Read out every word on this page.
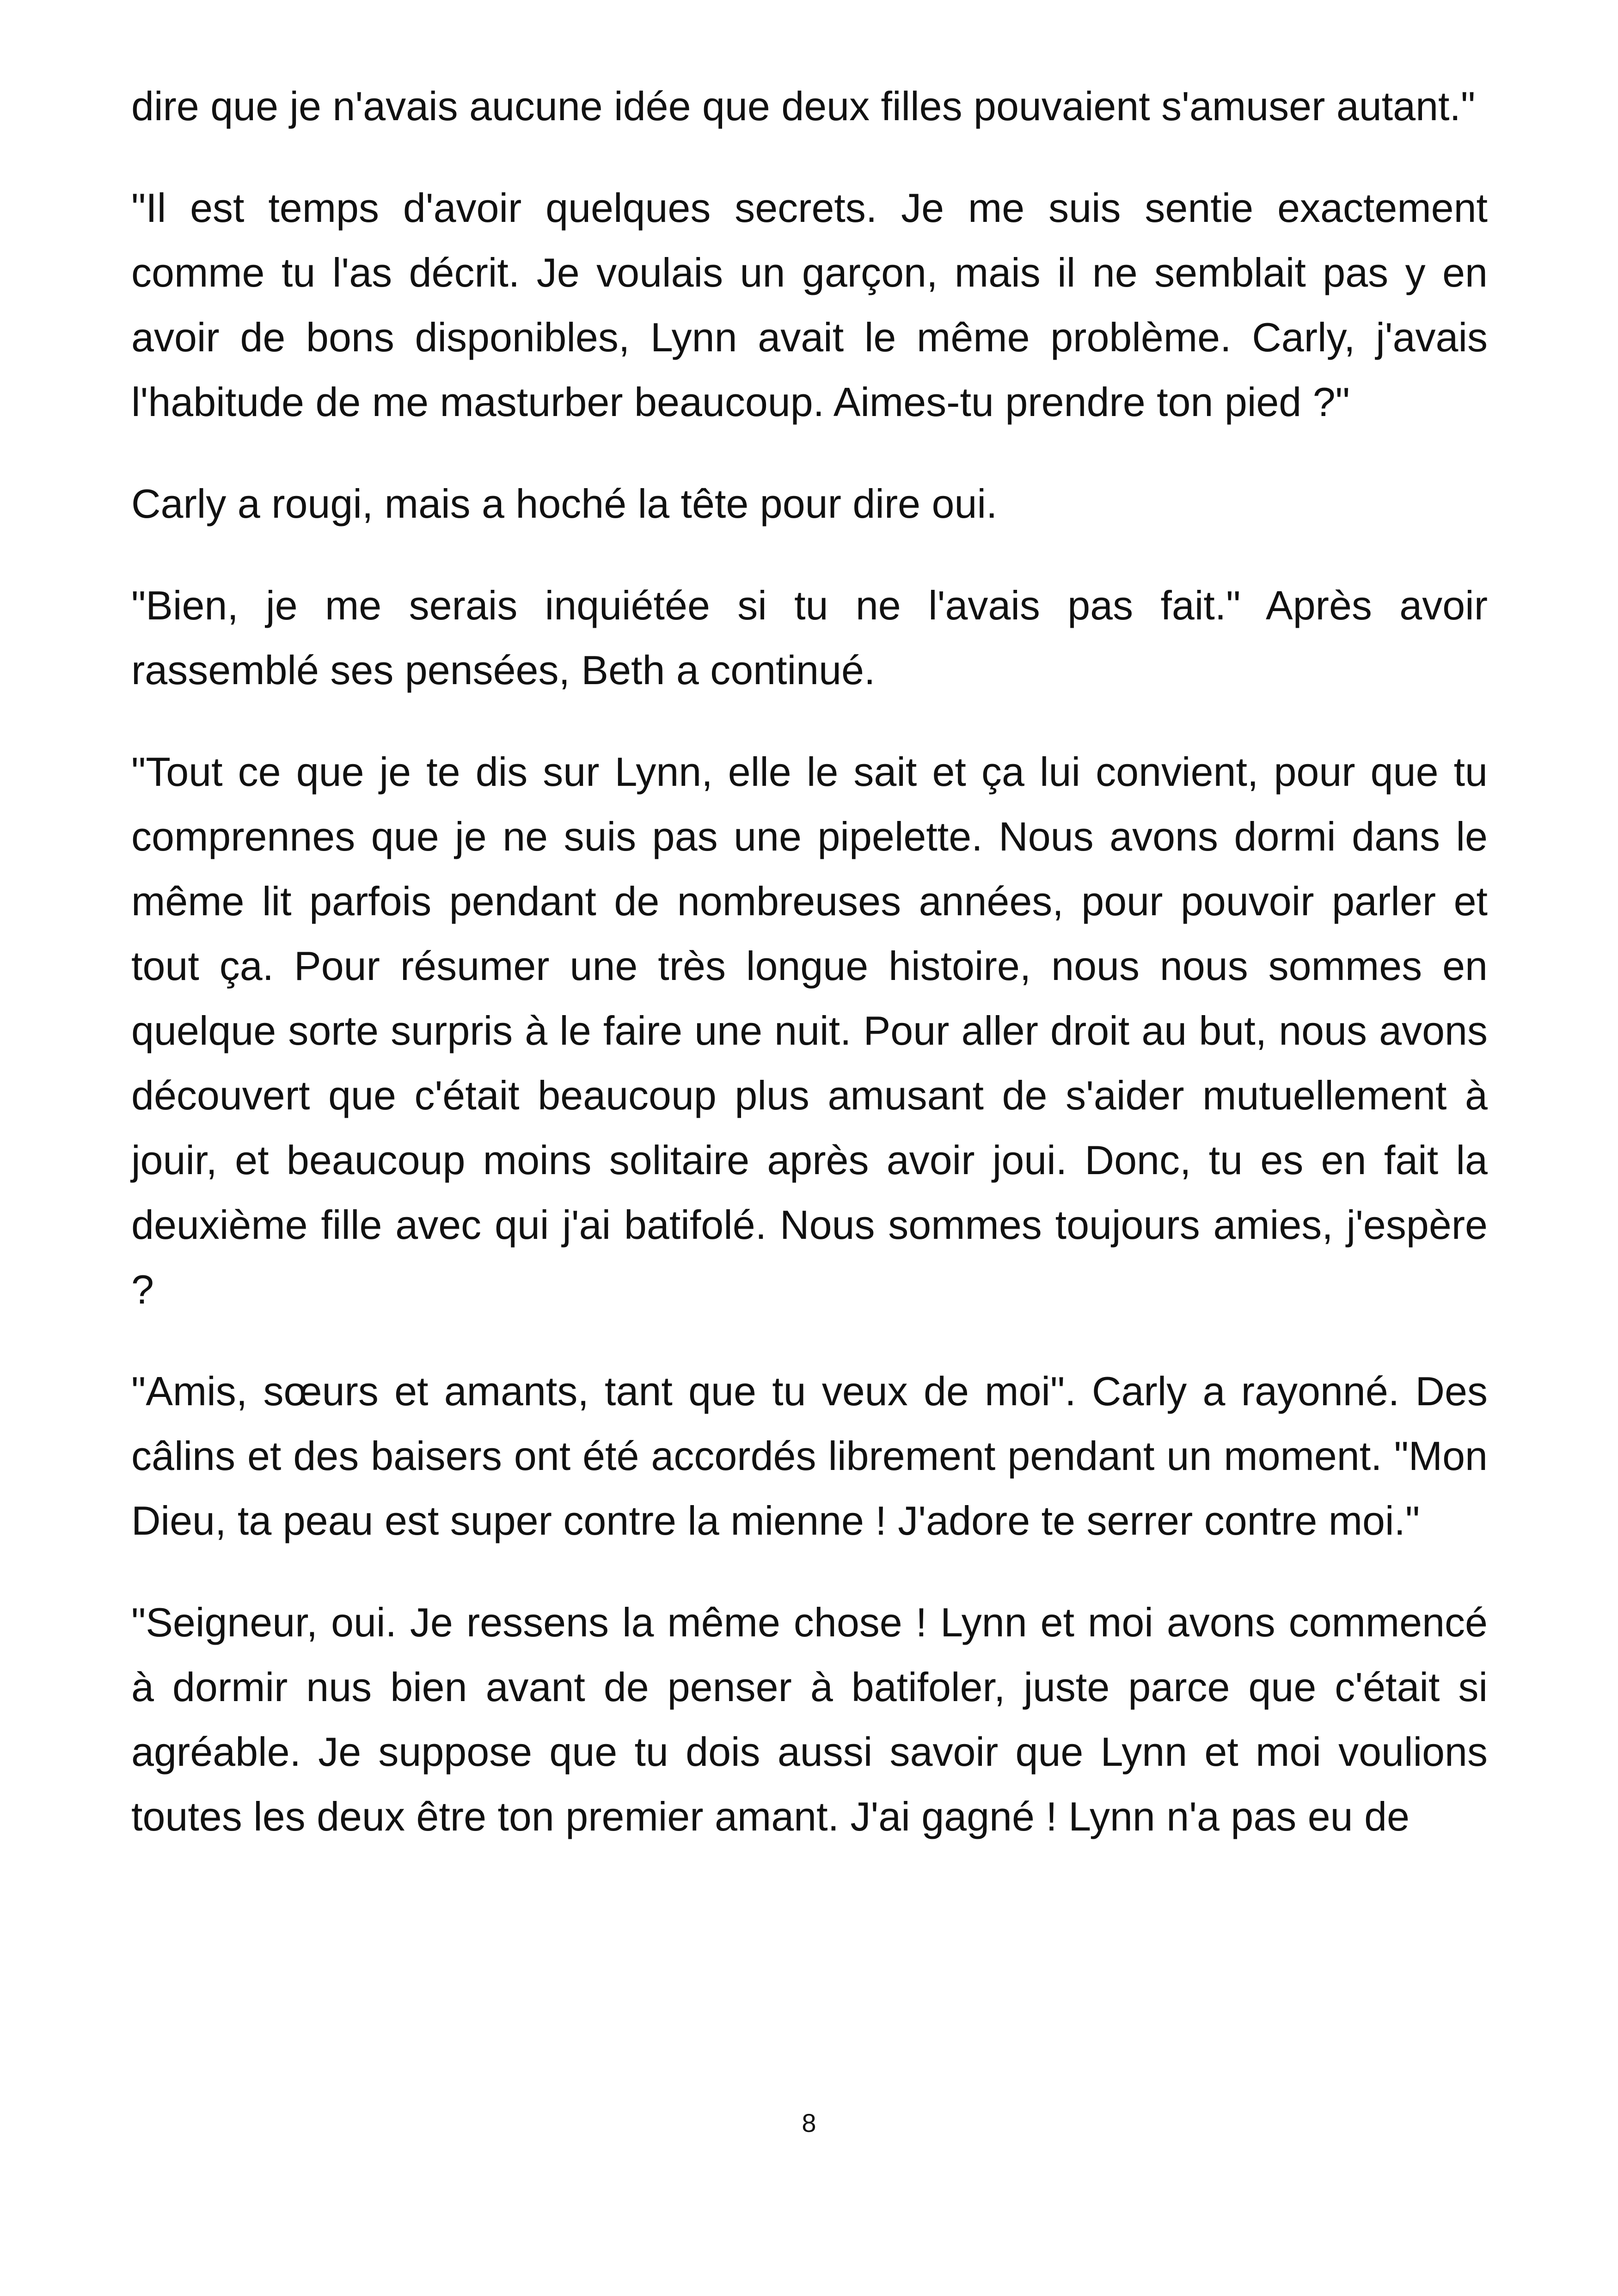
dire que je n'avais aucune idée que deux filles pouvaient s'amuser autant."

"Il est temps d'avoir quelques secrets. Je me suis sentie exactement comme tu l'as décrit. Je voulais un garçon, mais il ne semblait pas y en avoir de bons disponibles, Lynn avait le même problème. Carly, j'avais l'habitude de me masturber beaucoup. Aimes-tu prendre ton pied ?"

Carly a rougi, mais a hoché la tête pour dire oui.

"Bien, je me serais inquiétée si tu ne l'avais pas fait." Après avoir rassemblé ses pensées, Beth a continué.

"Tout ce que je te dis sur Lynn, elle le sait et ça lui convient, pour que tu comprennes que je ne suis pas une pipelette. Nous avons dormi dans le même lit parfois pendant de nombreuses années, pour pouvoir parler et tout ça. Pour résumer une très longue histoire, nous nous sommes en quelque sorte surpris à le faire une nuit. Pour aller droit au but, nous avons découvert que c'était beaucoup plus amusant de s'aider mutuellement à jouir, et beaucoup moins solitaire après avoir joui. Donc, tu es en fait la deuxième fille avec qui j'ai batifolé. Nous sommes toujours amies, j'espère ?

"Amis, sœurs et amants, tant que tu veux de moi". Carly a rayonné. Des câlins et des baisers ont été accordés librement pendant un moment. "Mon Dieu, ta peau est super contre la mienne ! J'adore te serrer contre moi."

"Seigneur, oui. Je ressens la même chose ! Lynn et moi avons commencé à dormir nus bien avant de penser à batifoler, juste parce que c'était si agréable. Je suppose que tu dois aussi savoir que Lynn et moi voulions toutes les deux être ton premier amant. J'ai gagné ! Lynn n'a pas eu de

8
